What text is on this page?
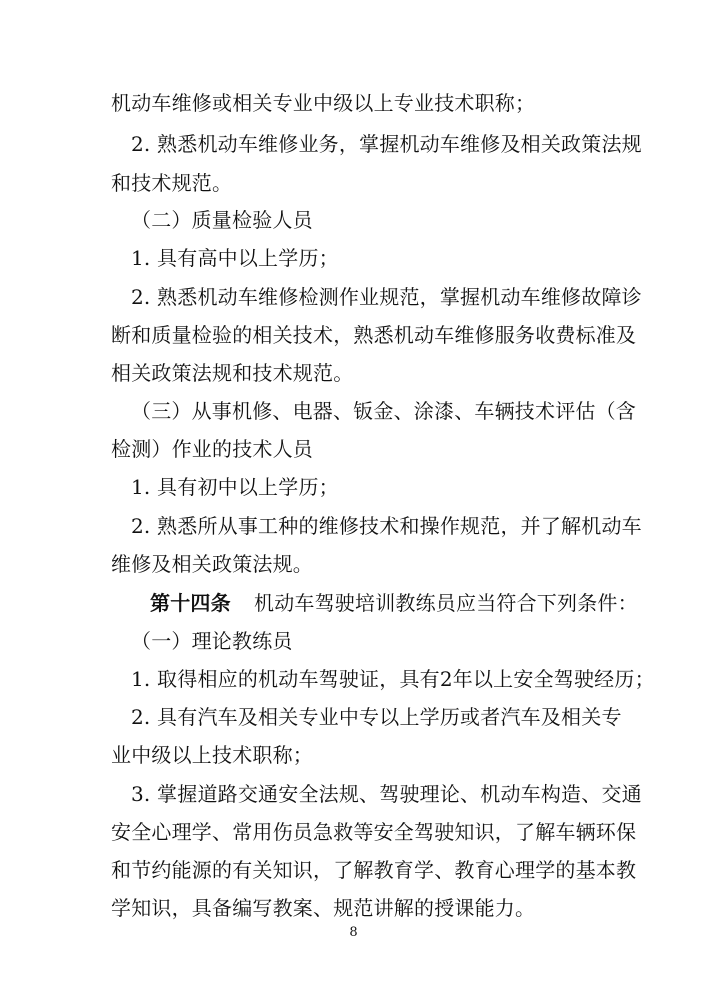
机动车维修或相关专业中级以上专业技术职称；
2. 熟悉机动车维修业务，掌握机动车维修及相关政策法规
和技术规范。
（二）质量检验人员
1. 具有高中以上学历；
2. 熟悉机动车维修检测作业规范，掌握机动车维修故障诊
断和质量检验的相关技术，熟悉机动车维修服务收费标准及
相关政策法规和技术规范。
（三）从事机修、电器、钣金、涂漆、车辆技术评估（含
检测）作业的技术人员
1. 具有初中以上学历；
2. 熟悉所从事工种的维修技术和操作规范，并了解机动车
维修及相关政策法规。
第十四条 机动车驾驶培训教练员应当符合下列条件：
（一）理论教练员
1. 取得相应的机动车驾驶证，具有2年以上安全驾驶经历；
2. 具有汽车及相关专业中专以上学历或者汽车及相关专
业中级以上技术职称；
3. 掌握道路交通安全法规、驾驶理论、机动车构造、交通
安全心理学、常用伤员急救等安全驾驶知识，了解车辆环保
和节约能源的有关知识，了解教育学、教育心理学的基本教
学知识，具备编写教案、规范讲解的授课能力。
8
